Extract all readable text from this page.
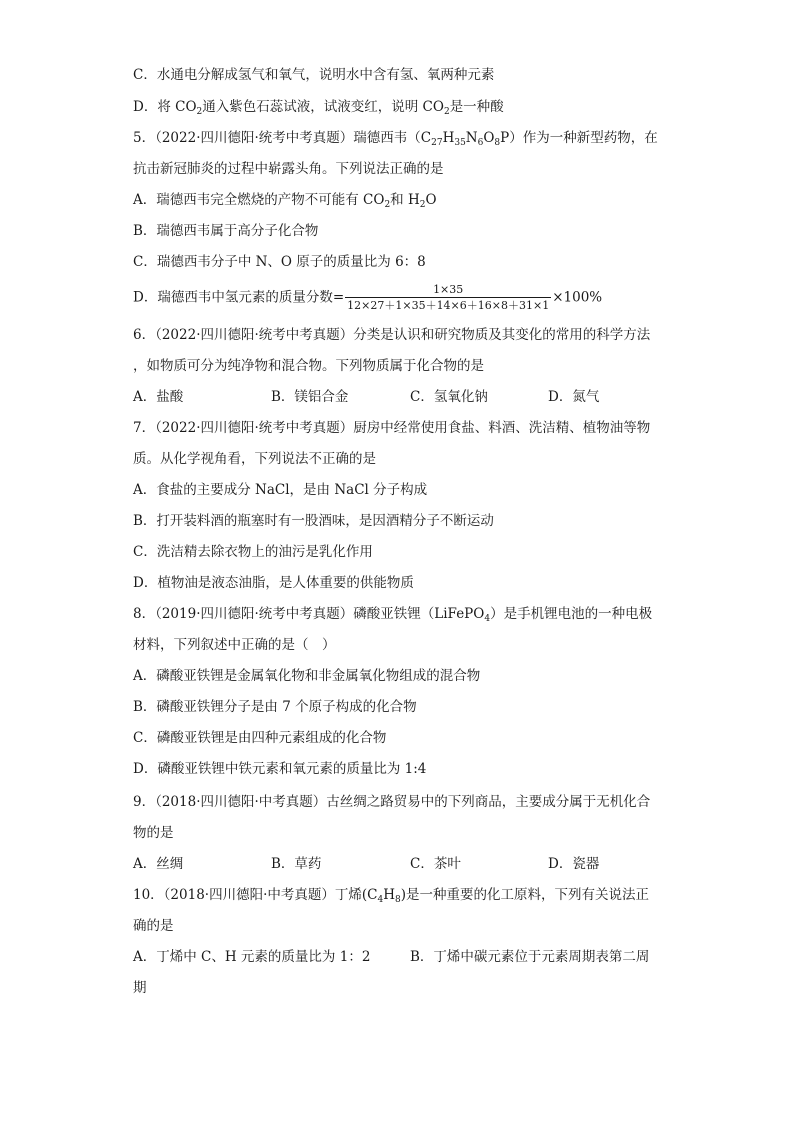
C．水通电分解成氢气和氧气，说明水中含有氢、氧两种元素
D．将 $CO_2$通入紫色石蕊试液，试液变红，说明 $CO_2$是一种酸
5．（2022·四川德阳·统考中考真题）瑞德西韦$(C_{27}H_{35}N_6O_8P)$作为一种新型药物，在
抗击新冠肺炎的过程中崭露头角。下列说法正确的是
A．瑞德西韦完全燃烧的产物不可能有 $CO_2$和 $H_2O$
B．瑞德西韦属于高分子化合物
C．瑞德西韦分子中 N、O 原子的质量比为 6：8
D．瑞德西韦中氢元素的质量分数= $\frac{1\times 35}{12\times 27+1\times 35+14\times 6+16\times 8+31\times 1} \times 100\%$
6．（2022·四川德阳·统考中考真题）分类是认识和研究物质及其变化的常用的科学方法
，如物质可分为纯净物和混合物。下列物质属于化合物的是
A．盐酸	B．镁铝合金	C．氢氧化钠	D．氮气
7．（2022·四川德阳·统考中考真题）厨房中经常使用食盐、料酒、洗洁精、植物油等物
质。从化学视角看，下列说法不正确的是
A．食盐的主要成分 NaCl，是由 NaCl 分子构成
B．打开装料酒的瓶塞时有一股酒味，是因酒精分子不断运动
C．洗洁精去除衣物上的油污是乳化作用
D．植物油是液态油脂，是人体重要的供能物质
8．（2019·四川德阳·统考中考真题）磷酸亚铁锂（LiFePO$_4$）是手机锂电池的一种电极
材料，下列叙述中正确的是（　）
A．磷酸亚铁锂是金属氧化物和非金属氧化物组成的混合物
B．磷酸亚铁锂分子是由 7 个原子构成的化合物
C．磷酸亚铁锂是由四种元素组成的化合物
D．磷酸亚铁锂中铁元素和氧元素的质量比为 1:4
9．（2018·四川德阳·中考真题）古丝绸之路贸易中的下列商品，主要成分属于无机化合
物的是
A．丝绸	B．草药	C．茶叶	D．瓷器
10．（2018·四川德阳·中考真题）丁烯$(C_4H_8)$是一种重要的化工原料，下列有关说法正
确的是
A．丁烯中 C、H 元素的质量比为 1：2	B．丁烯中碳元素位于元素周期表第二周
期
